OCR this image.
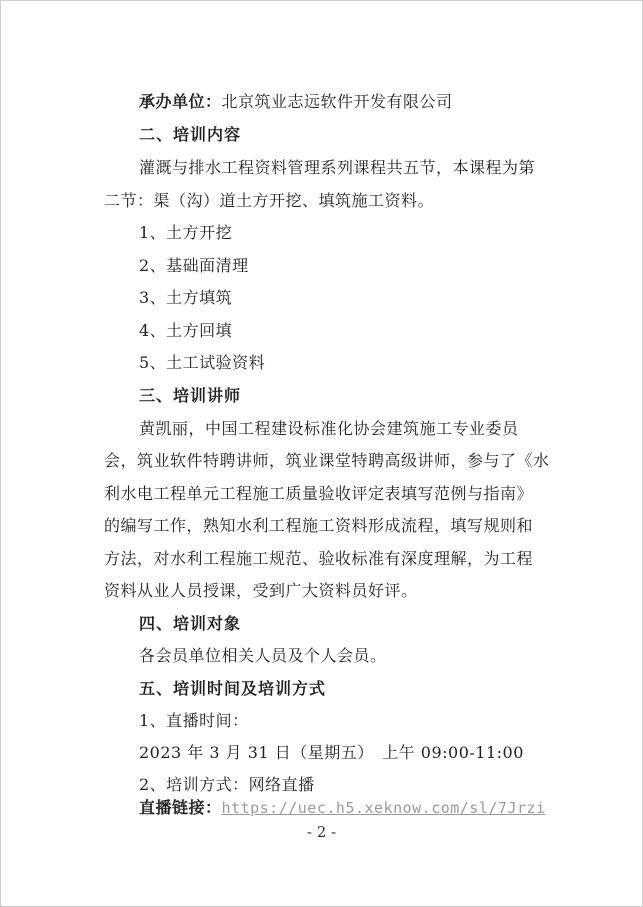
承办单位：北京筑业志远软件开发有限公司
二、培训内容
灌溉与排水工程资料管理系列课程共五节，本课程为第
二节：渠（沟）道土方开挖、填筑施工资料。
1、土方开挖
2、基础面清理
3、土方填筑
4、土方回填
5、土工试验资料
三、培训讲师
黄凯丽，中国工程建设标准化协会建筑施工专业委员
会，筑业软件特聘讲师，筑业课堂特聘高级讲师，参与了《水
利水电工程单元工程施工质量验收评定表填写范例与指南》
的编写工作，熟知水利工程施工资料形成流程，填写规则和
方法，对水利工程施工规范、验收标准有深度理解，为工程
资料从业人员授课，受到广大资料员好评。
四、培训对象
各会员单位相关人员及个人会员。
五、培训时间及培训方式
1、直播时间：
2023 年 3 月 31 日（星期五）　上午 09:00-11:00
2、培训方式：网络直播
直播链接：https://uec.h5.xeknow.com/sl/7Jrzi
- 2 -
